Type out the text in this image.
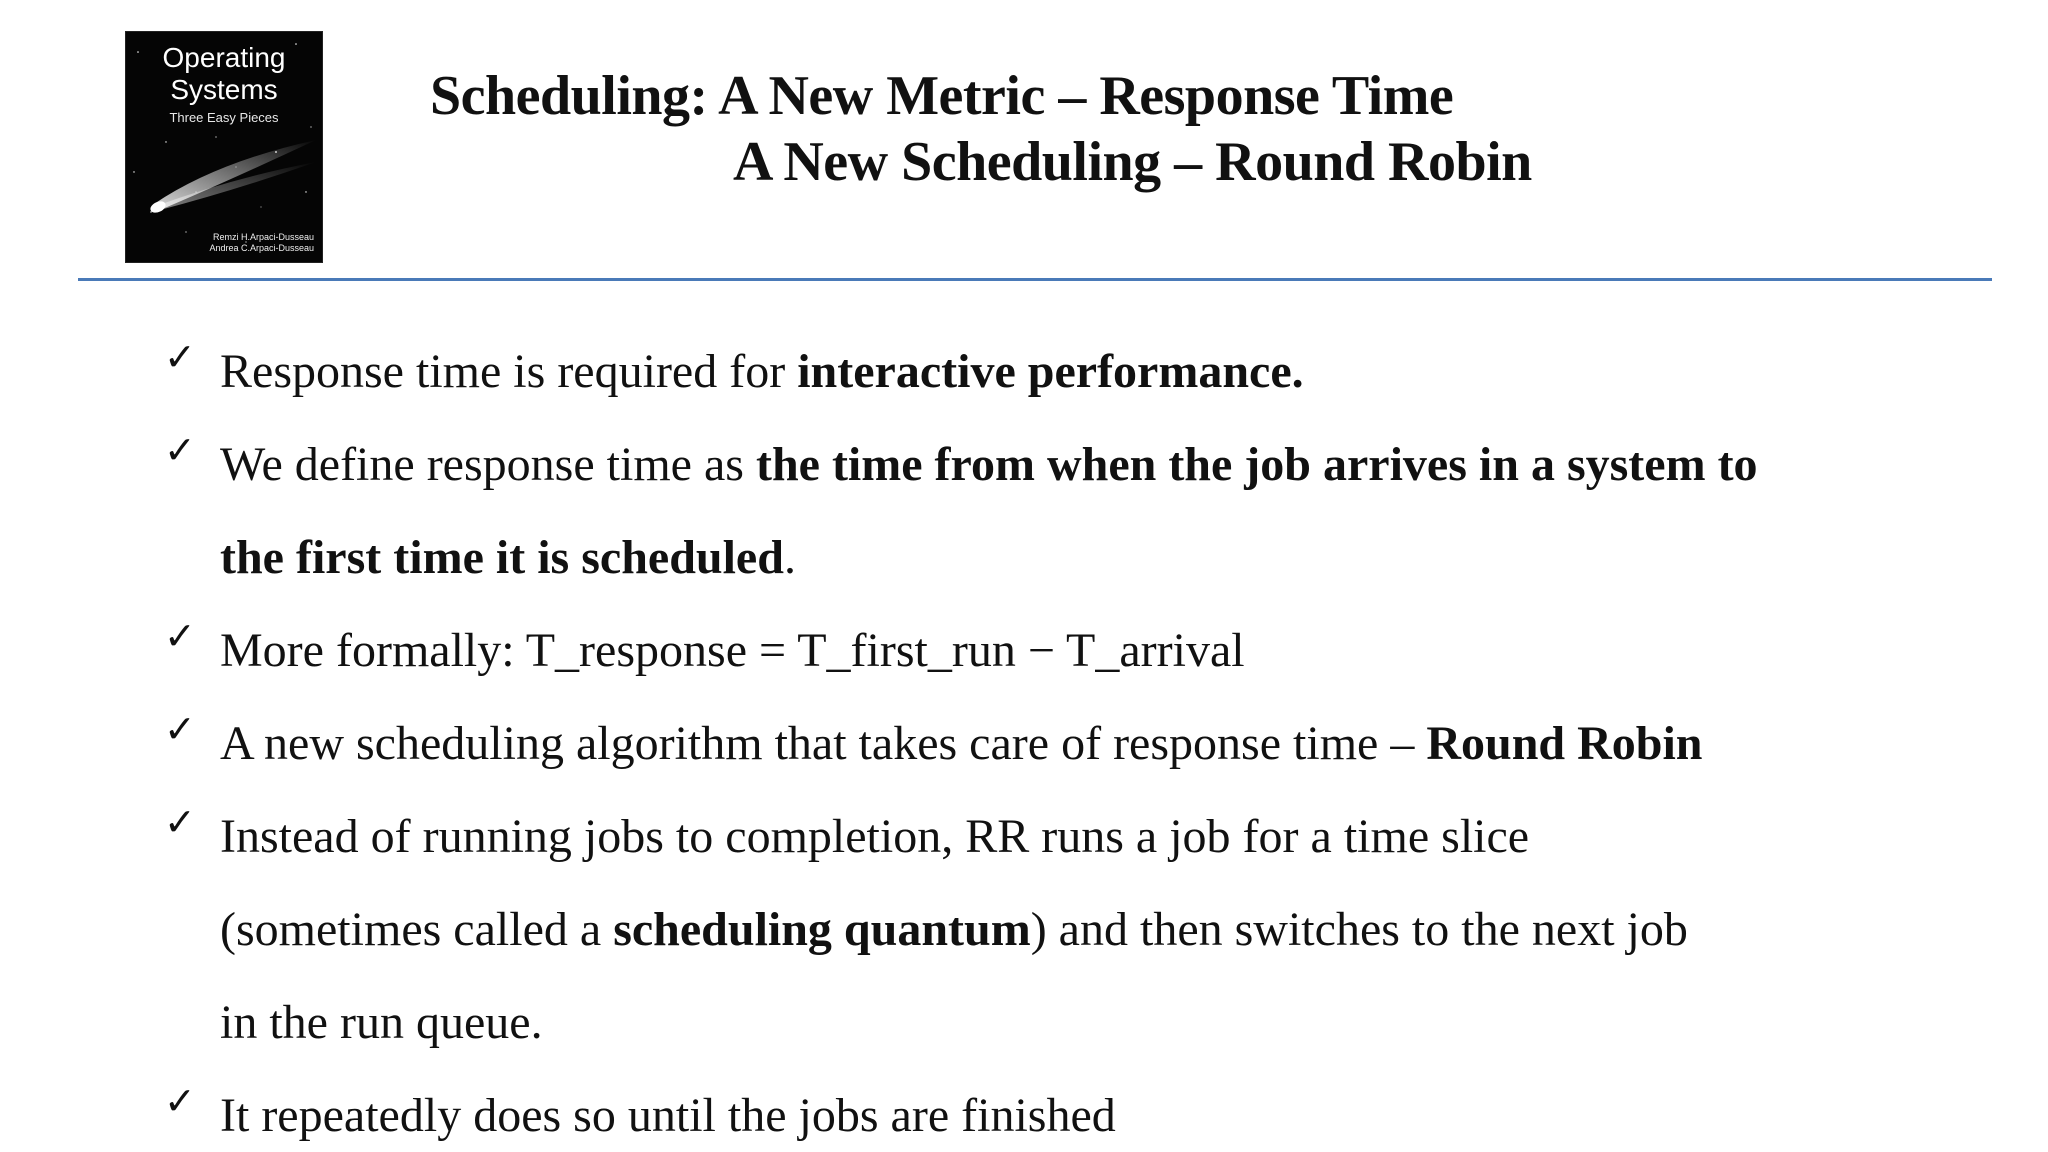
Operating Systems
Three Easy Pieces
Remzi H.Arpaci-Dusseau
Andrea C.Arpaci-Dusseau
Scheduling: A New Metric – Response Time
A New Scheduling – Round Robin
✓ Response time is required for interactive performance.
✓ We define response time as the time from when the job arrives in a system to
the first time it is scheduled.
✓ More formally: T_response = T_first_run − T_arrival
✓ A new scheduling algorithm that takes care of response time – Round Robin
✓ Instead of running jobs to completion, RR runs a job for a time slice
(sometimes called a scheduling quantum) and then switches to the next job
in the run queue.
✓ It repeatedly does so until the jobs are finished
